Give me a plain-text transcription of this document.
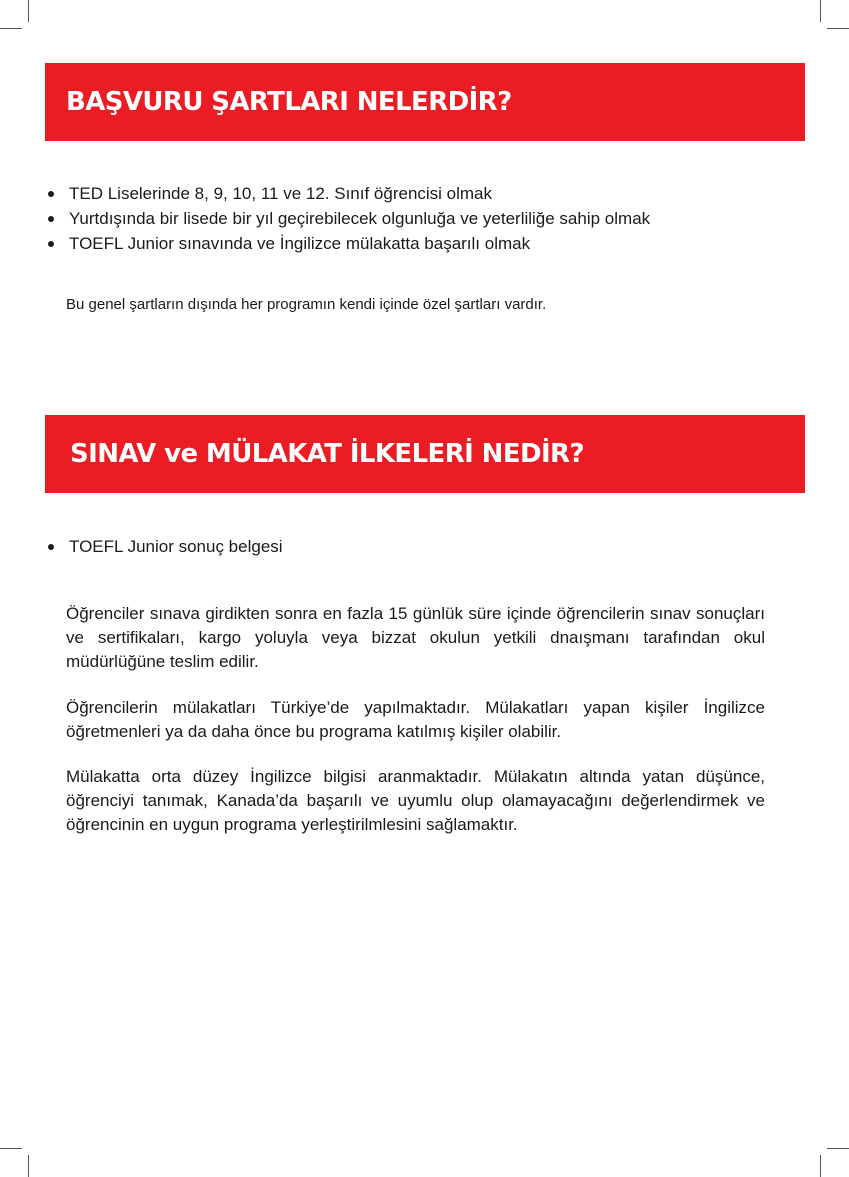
BAŞVURU ŞARTLARI NELERDİR?
TED Liselerinde 8, 9, 10, 11 ve 12. Sınıf öğrencisi olmak
Yurtdışında bir lisede bir yıl geçirebilecek olgunluğa ve yeterliliğe sahip olmak
TOEFL Junior sınavında ve İngilizce mülakatta başarılı olmak

Bu genel şartların dışında her programın kendi içinde özel şartları vardır.

SINAV ve MÜLAKAT İLKELERİ NEDİR?
TOEFL Junior sonuç belgesi

Öğrenciler sınava girdikten sonra en fazla 15 günlük süre içinde öğrencilerin sınav sonuçları ve sertifikaları, kargo yoluyla veya bizzat okulun yetkili dnaışmanı tarafından okul müdürlüğüne teslim edilir.

Öğrencilerin mülakatları Türkiye’de yapılmaktadır. Mülakatları yapan kişiler İngilizce öğretmenleri ya da daha önce bu programa katılmış kişiler olabilir.

Mülakatta orta düzey İngilizce bilgisi aranmaktadır. Mülakatın altında yatan düşünce, öğrenciyi tanımak, Kanada’da başarılı ve uyumlu olup olamayacağını değerlendirmek ve öğrencinin en uygun programa yerleştirilmlesini sağlamaktır.
